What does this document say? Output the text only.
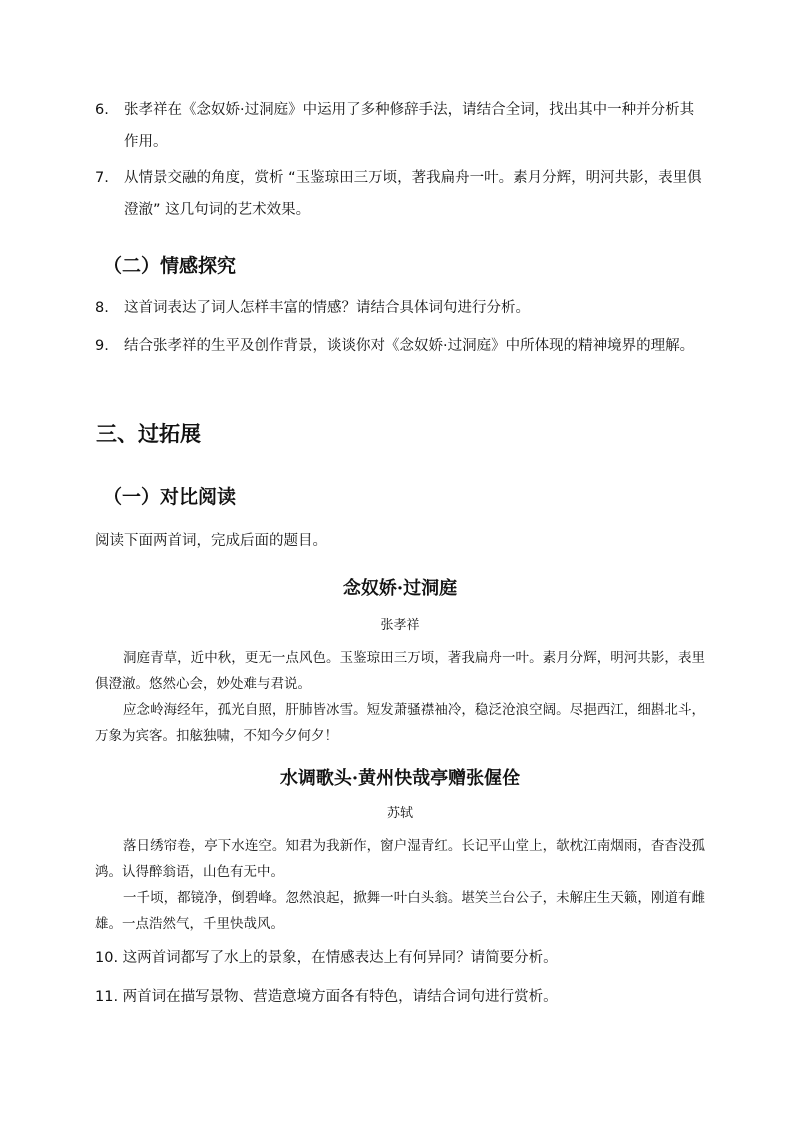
6.	张孝祥在《念奴娇·过洞庭》中运用了多种修辞手法，请结合全词，找出其中一种并分析其作用。
7.	从情景交融的角度，赏析 “玉鉴琼田三万顷，著我扁舟一叶。素月分辉，明河共影，表里俱澄澈” 这几句词的艺术效果。
（二）情感探究
8.	这首词表达了词人怎样丰富的情感？请结合具体词句进行分析。
9.	结合张孝祥的生平及创作背景，谈谈你对《念奴娇·过洞庭》中所体现的精神境界的理解。
三、过拓展
（一）对比阅读
阅读下面两首词，完成后面的题目。
念奴娇·过洞庭
张孝祥
洞庭青草，近中秋，更无一点风色。玉鉴琼田三万顷，著我扁舟一叶。素月分辉，明河共影，表里俱澄澈。悠然心会，妙处难与君说。
应念岭海经年，孤光自照，肝肺皆冰雪。短发萧骚襟袖冷，稳泛沧浪空阔。尽挹西江，细斟北斗，万象为宾客。扣舷独啸，不知今夕何夕！
水调歌头·黄州快哉亭赠张偓佺
苏轼
落日绣帘卷，亭下水连空。知君为我新作，窗户湿青红。长记平山堂上，欹枕江南烟雨，杳杳没孤鸿。认得醉翁语，山色有无中。
一千顷，都镜净，倒碧峰。忽然浪起，掀舞一叶白头翁。堪笑兰台公子，未解庄生天籁，刚道有雌雄。一点浩然气，千里快哉风。
10. 这两首词都写了水上的景象，在情感表达上有何异同？请简要分析。
11. 两首词在描写景物、营造意境方面各有特色，请结合词句进行赏析。
